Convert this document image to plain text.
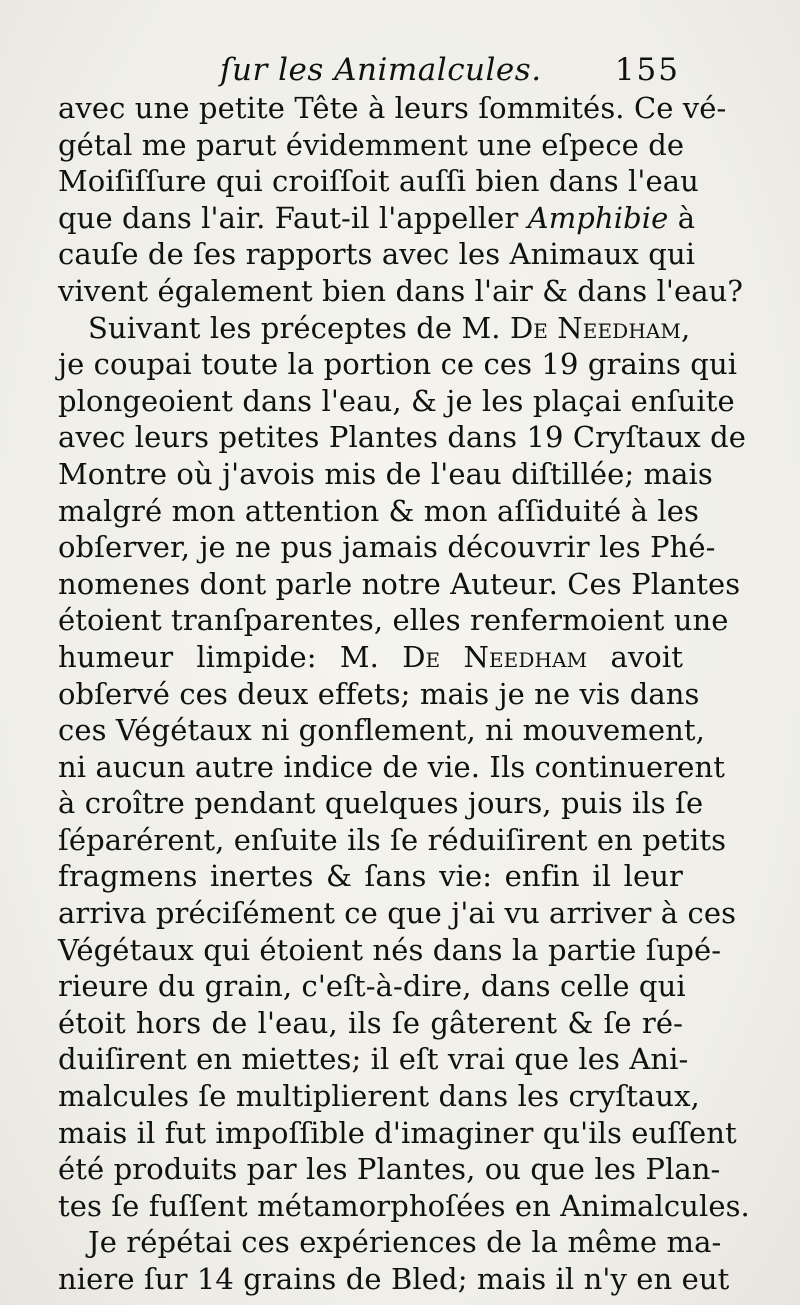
ſur les Animalcules. 155
avec une petite Tête à leurs ſommités. Ce vé-
gétal me parut évidemment une eſpece de
Moiſiſſure qui croiſſoit auſſi bien dans l'eau
que dans l'air. Faut-il l'appeller Amphibie à
cauſe de ſes rapports avec les Animaux qui
vivent également bien dans l'air & dans l'eau?
Suivant les préceptes de M. De Needham,
je coupai toute la portion ce ces 19 grains qui
plongeoient dans l'eau, & je les plaçai enſuite
avec leurs petites Plantes dans 19 Cryſtaux de
Montre où j'avois mis de l'eau diſtillée; mais
malgré mon attention & mon aſſiduité à les
obſerver, je ne pus jamais découvrir les Phé-
nomenes dont parle notre Auteur. Ces Plantes
étoient tranſparentes, elles renfermoient une
humeur limpide: M. De Needham avoit
obſervé ces deux effets; mais je ne vis dans
ces Végétaux ni gonflement, ni mouvement,
ni aucun autre indice de vie. Ils continuerent
à croître pendant quelques jours, puis ils ſe
ſéparérent, enſuite ils ſe réduiſirent en petits
fragmens inertes & ſans vie: enfin il leur
arriva préciſément ce que j'ai vu arriver à ces
Végétaux qui étoient nés dans la partie ſupé-
rieure du grain, c'eſt-à-dire, dans celle qui
étoit hors de l'eau, ils ſe gâterent & ſe ré-
duiſirent en miettes; il eſt vrai que les Ani-
malcules ſe multiplierent dans les cryſtaux,
mais il fut impoſſible d'imaginer qu'ils euſſent
été produits par les Plantes, ou que les Plan-
tes ſe fuſſent métamorphoſées en Animalcules.
Je répétai ces expériences de la même ma-
niere ſur 14 grains de Bled; mais il n'y en eut
